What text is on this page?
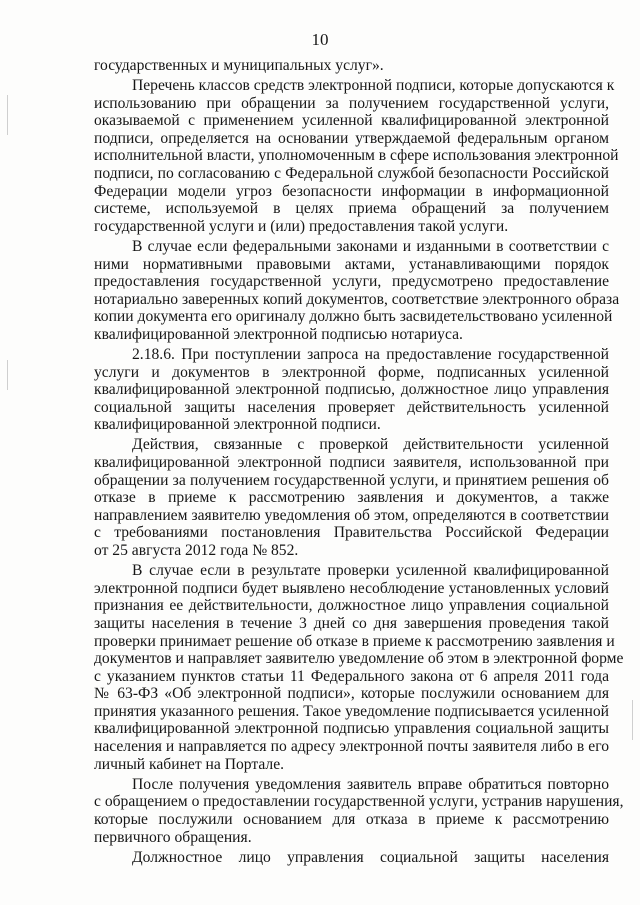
10
государственных и муниципальных услуг».
Перечень классов средств электронной подписи, которые допускаются к
использованию при обращении за получением государственной услуги,
оказываемой с применением усиленной квалифицированной электронной
подписи, определяется на основании утверждаемой федеральным органом
исполнительной власти, уполномоченным в сфере использования электронной
подписи, по согласованию с Федеральной службой безопасности Российской
Федерации модели угроз безопасности информации в информационной
системе, используемой в целях приема обращений за получением
государственной услуги и (или) предоставления такой услуги.
В случае если федеральными законами и изданными в соответствии с
ними нормативными правовыми актами, устанавливающими порядок
предоставления государственной услуги, предусмотрено предоставление
нотариально заверенных копий документов, соответствие электронного образа
копии документа его оригиналу должно быть засвидетельствовано усиленной
квалифицированной электронной подписью нотариуса.
2.18.6. При поступлении запроса на предоставление государственной
услуги и документов в электронной форме, подписанных усиленной
квалифицированной электронной подписью, должностное лицо управления
социальной защиты населения проверяет действительность усиленной
квалифицированной электронной подписи.
Действия, связанные с проверкой действительности усиленной
квалифицированной электронной подписи заявителя, использованной при
обращении за получением государственной услуги, и принятием решения об
отказе в приеме к рассмотрению заявления и документов, а также
направлением заявителю уведомления об этом, определяются в соответствии
с требованиями постановления Правительства Российской Федерации
от 25 августа 2012 года № 852.
В случае если в результате проверки усиленной квалифицированной
электронной подписи будет выявлено несоблюдение установленных условий
признания ее действительности, должностное лицо управления социальной
защиты населения в течение 3 дней со дня завершения проведения такой
проверки принимает решение об отказе в приеме к рассмотрению заявления и
документов и направляет заявителю уведомление об этом в электронной форме
с указанием пунктов статьи 11 Федерального закона от 6 апреля 2011 года
№ 63-ФЗ «Об электронной подписи», которые послужили основанием для
принятия указанного решения. Такое уведомление подписывается усиленной
квалифицированной электронной подписью управления социальной защиты
населения и направляется по адресу электронной почты заявителя либо в его
личный кабинет на Портале.
После получения уведомления заявитель вправе обратиться повторно
с обращением о предоставлении государственной услуги, устранив нарушения,
которые послужили основанием для отказа в приеме к рассмотрению
первичного обращения.
Должностное лицо управления социальной защиты населения
